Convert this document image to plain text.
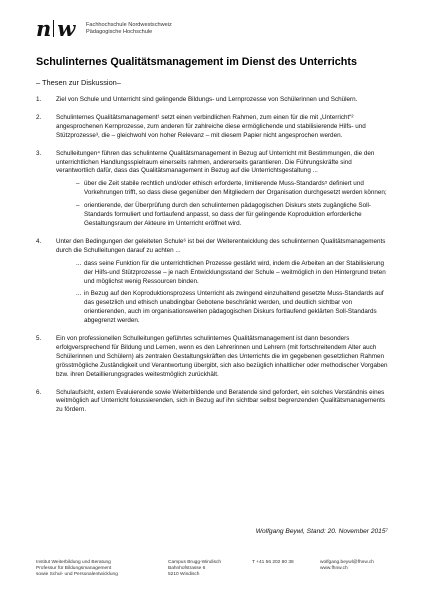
n w Fachhochschule Nordwestschweiz
Pädagogische Hochschule
Schulinternes Qualitätsmanagement im Dienst des Unterrichts
– Thesen zur Diskussion–
1. Ziel von Schule und Unterricht sind gelingende Bildungs- und Lernprozesse von Schülerinnen und Schülern.
2. Schulinternes Qualitätsmanagement¹ setzt einen verbindlichen Rahmen, zum einen für die mit „Unterricht“² angesprochenen Kernprozesse, zum anderen für zahlreiche diese ermöglichende und stabilisierende Hilfs- und Stützprozesse³, die – gleichwohl von hoher Relevanz – mit diesem Papier nicht angesprochen werden.
3. Schulleitungen⁴ führen das schulinterne Qualitätsmanagement in Bezug auf Unterricht mit Bestimmungen, die den unterrichtlichen Handlungsspielraum einerseits rahmen, andererseits garantieren. Die Führungskräfte sind verantwortlich dafür, dass das Qualitätsmanagement in Bezug auf die Unterrichtsgestaltung ...
– über die Zeit stabile rechtlich und/oder ethisch erforderte, limitierende Muss-Standards⁵ definiert und Vorkehrungen trifft, so dass diese gegenüber den Mitgliedern der Organisation durchgesetzt werden können;
– orientierende, der Überprüfung durch den schulinternen pädagogischen Diskurs stets zugängliche Soll-Standards formuliert und fortlaufend anpasst, so dass der für gelingende Koproduktion erforderliche Gestaltungsraum der Akteure im Unterricht eröffnet wird.
4. Unter den Bedingungen der geleiteten Schule⁶ ist bei der Weiterentwicklung des schulinternen Qualitätsmanagements durch die Schulleitungen darauf zu achten ...
... dass seine Funktion für die unterrichtlichen Prozesse gestärkt wird, indem die Arbeiten an der Stabilisierung der Hilfs-und Stützprozesse – je nach Entwicklungsstand der Schule – weitmöglich in den Hintergrund treten und möglichst wenig Ressourcen binden.
... in Bezug auf den Koproduktionsprozess Unterricht als zwingend einzuhaltend gesetzte Muss-Standards auf das gesetzlich und ethisch unabdingbar Gebotene beschränkt werden, und deutlich sichtbar von orientierenden, auch im organisationsweiten pädagogischen Diskurs fortlaufend geklärten Soll-Standards abgegrenzt werden.
5. Ein von professionellen Schulleitungen geführtes schulinternes Qualitätsmanagement ist dann besonders erfolgversprechend für Bildung und Lernen, wenn es den Lehrerinnen und Lehrern (mit fortschreitendem Alter auch Schülerinnen und Schülern) als zentralen Gestaltungskräften des Unterrichts die im gegebenen gesetzlichen Rahmen grösstmögliche Zuständigkeit und Verantwortung übergibt, sich also bezüglich inhaltlicher oder methodischer Vorgaben bzw. ihren Detaillierungsgrades weitestmöglich zurückhält.
6. Schulaufsicht, extern Evaluierende sowie Weiterbildende und Beratende sind gefordert, ein solches Verständnis eines weitmöglich auf Unterricht fokussierenden, sich in Bezug auf ihn sichtbar selbst begrenzenden Qualitätsmanagements zu fördern.
Wolfgang Beywl, Stand: 20. November 2015⁷
Institut Weiterbildung und Beratung
Professur für Bildungsmanagement
sowie Schul- und Personalentwicklung
Campus Brugg-Windisch
Bahnhofstrasse 6
5210 Windisch
T +41 56 202 80 38	wolfgang.beywl@fhnw.ch
www.fhnw.ch
